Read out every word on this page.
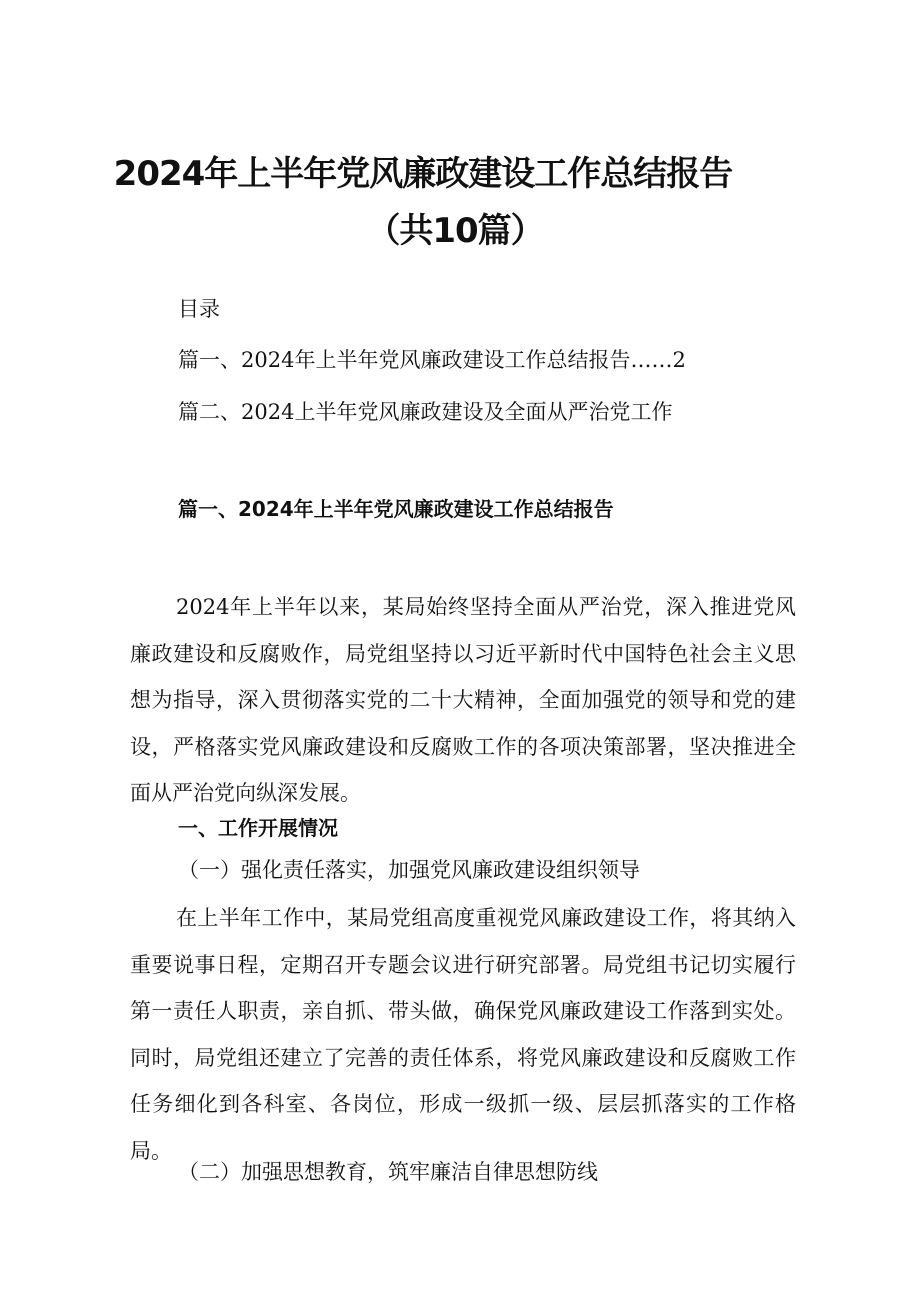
2024年上半年党风廉政建设工作总结报告
（共10篇）
目录
篇一、2024年上半年党风廉政建设工作总结报告……2
篇二、2024上半年党风廉政建设及全面从严治党工作
篇一、2024年上半年党风廉政建设工作总结报告

2024年上半年以来，某局始终坚持全面从严治党，深入推进党风廉政建设和反腐败作，局党组坚持以习近平新时代中国特色社会主义思想为指导，深入贯彻落实党的二十大精神，全面加强党的领导和党的建设，严格落实党风廉政建设和反腐败工作的各项决策部署，坚决推进全面从严治党向纵深发展。

一、工作开展情况
（一）强化责任落实，加强党风廉政建设组织领导

在上半年工作中，某局党组高度重视党风廉政建设工作，将其纳入重要说事日程，定期召开专题会议进行研究部署。局党组书记切实履行第一责任人职责，亲自抓、带头做，确保党风廉政建设工作落到实处。同时，局党组还建立了完善的责任体系，将党风廉政建设和反腐败工作任务细化到各科室、各岗位，形成一级抓一级、层层抓落实的工作格局。

（二）加强思想教育，筑牢廉洁自律思想防线
